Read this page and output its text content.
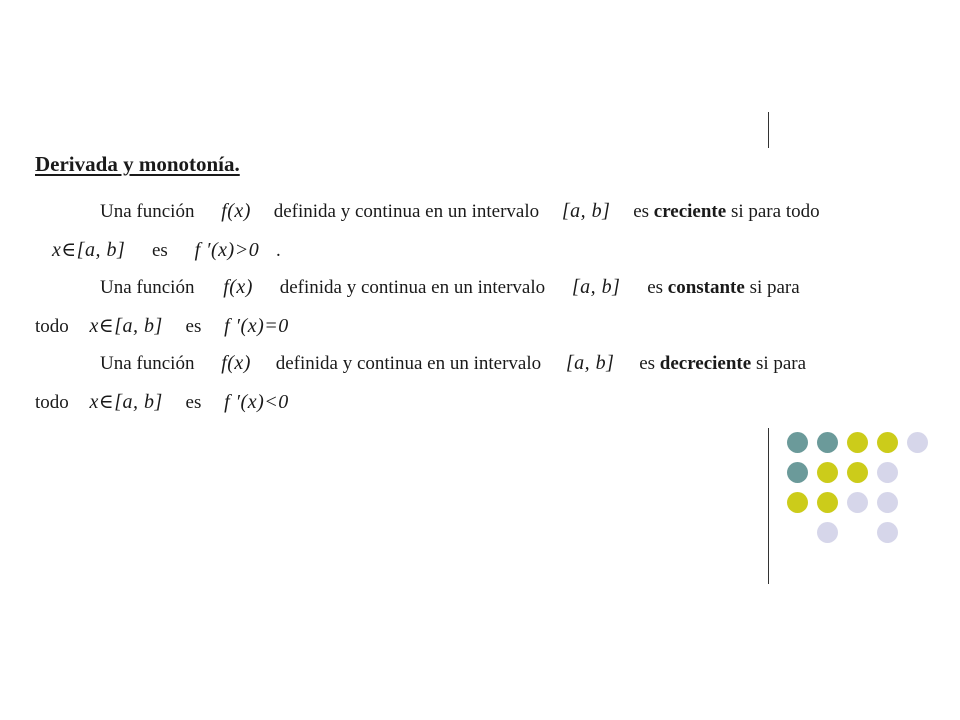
Derivada y monotonía.
Una función f(x) definida y continua en un intervalo [a, b] es creciente si para todo
x∈[a, b] es f ′(x)>0 .
Una función f(x) definida y continua en un intervalo [a, b] es constante si para
todo x∈[a, b] es f ′(x)=0
Una función f(x) definida y continua en un intervalo [a, b] es decreciente si para
todo x∈[a, b] es f ′(x)<0
